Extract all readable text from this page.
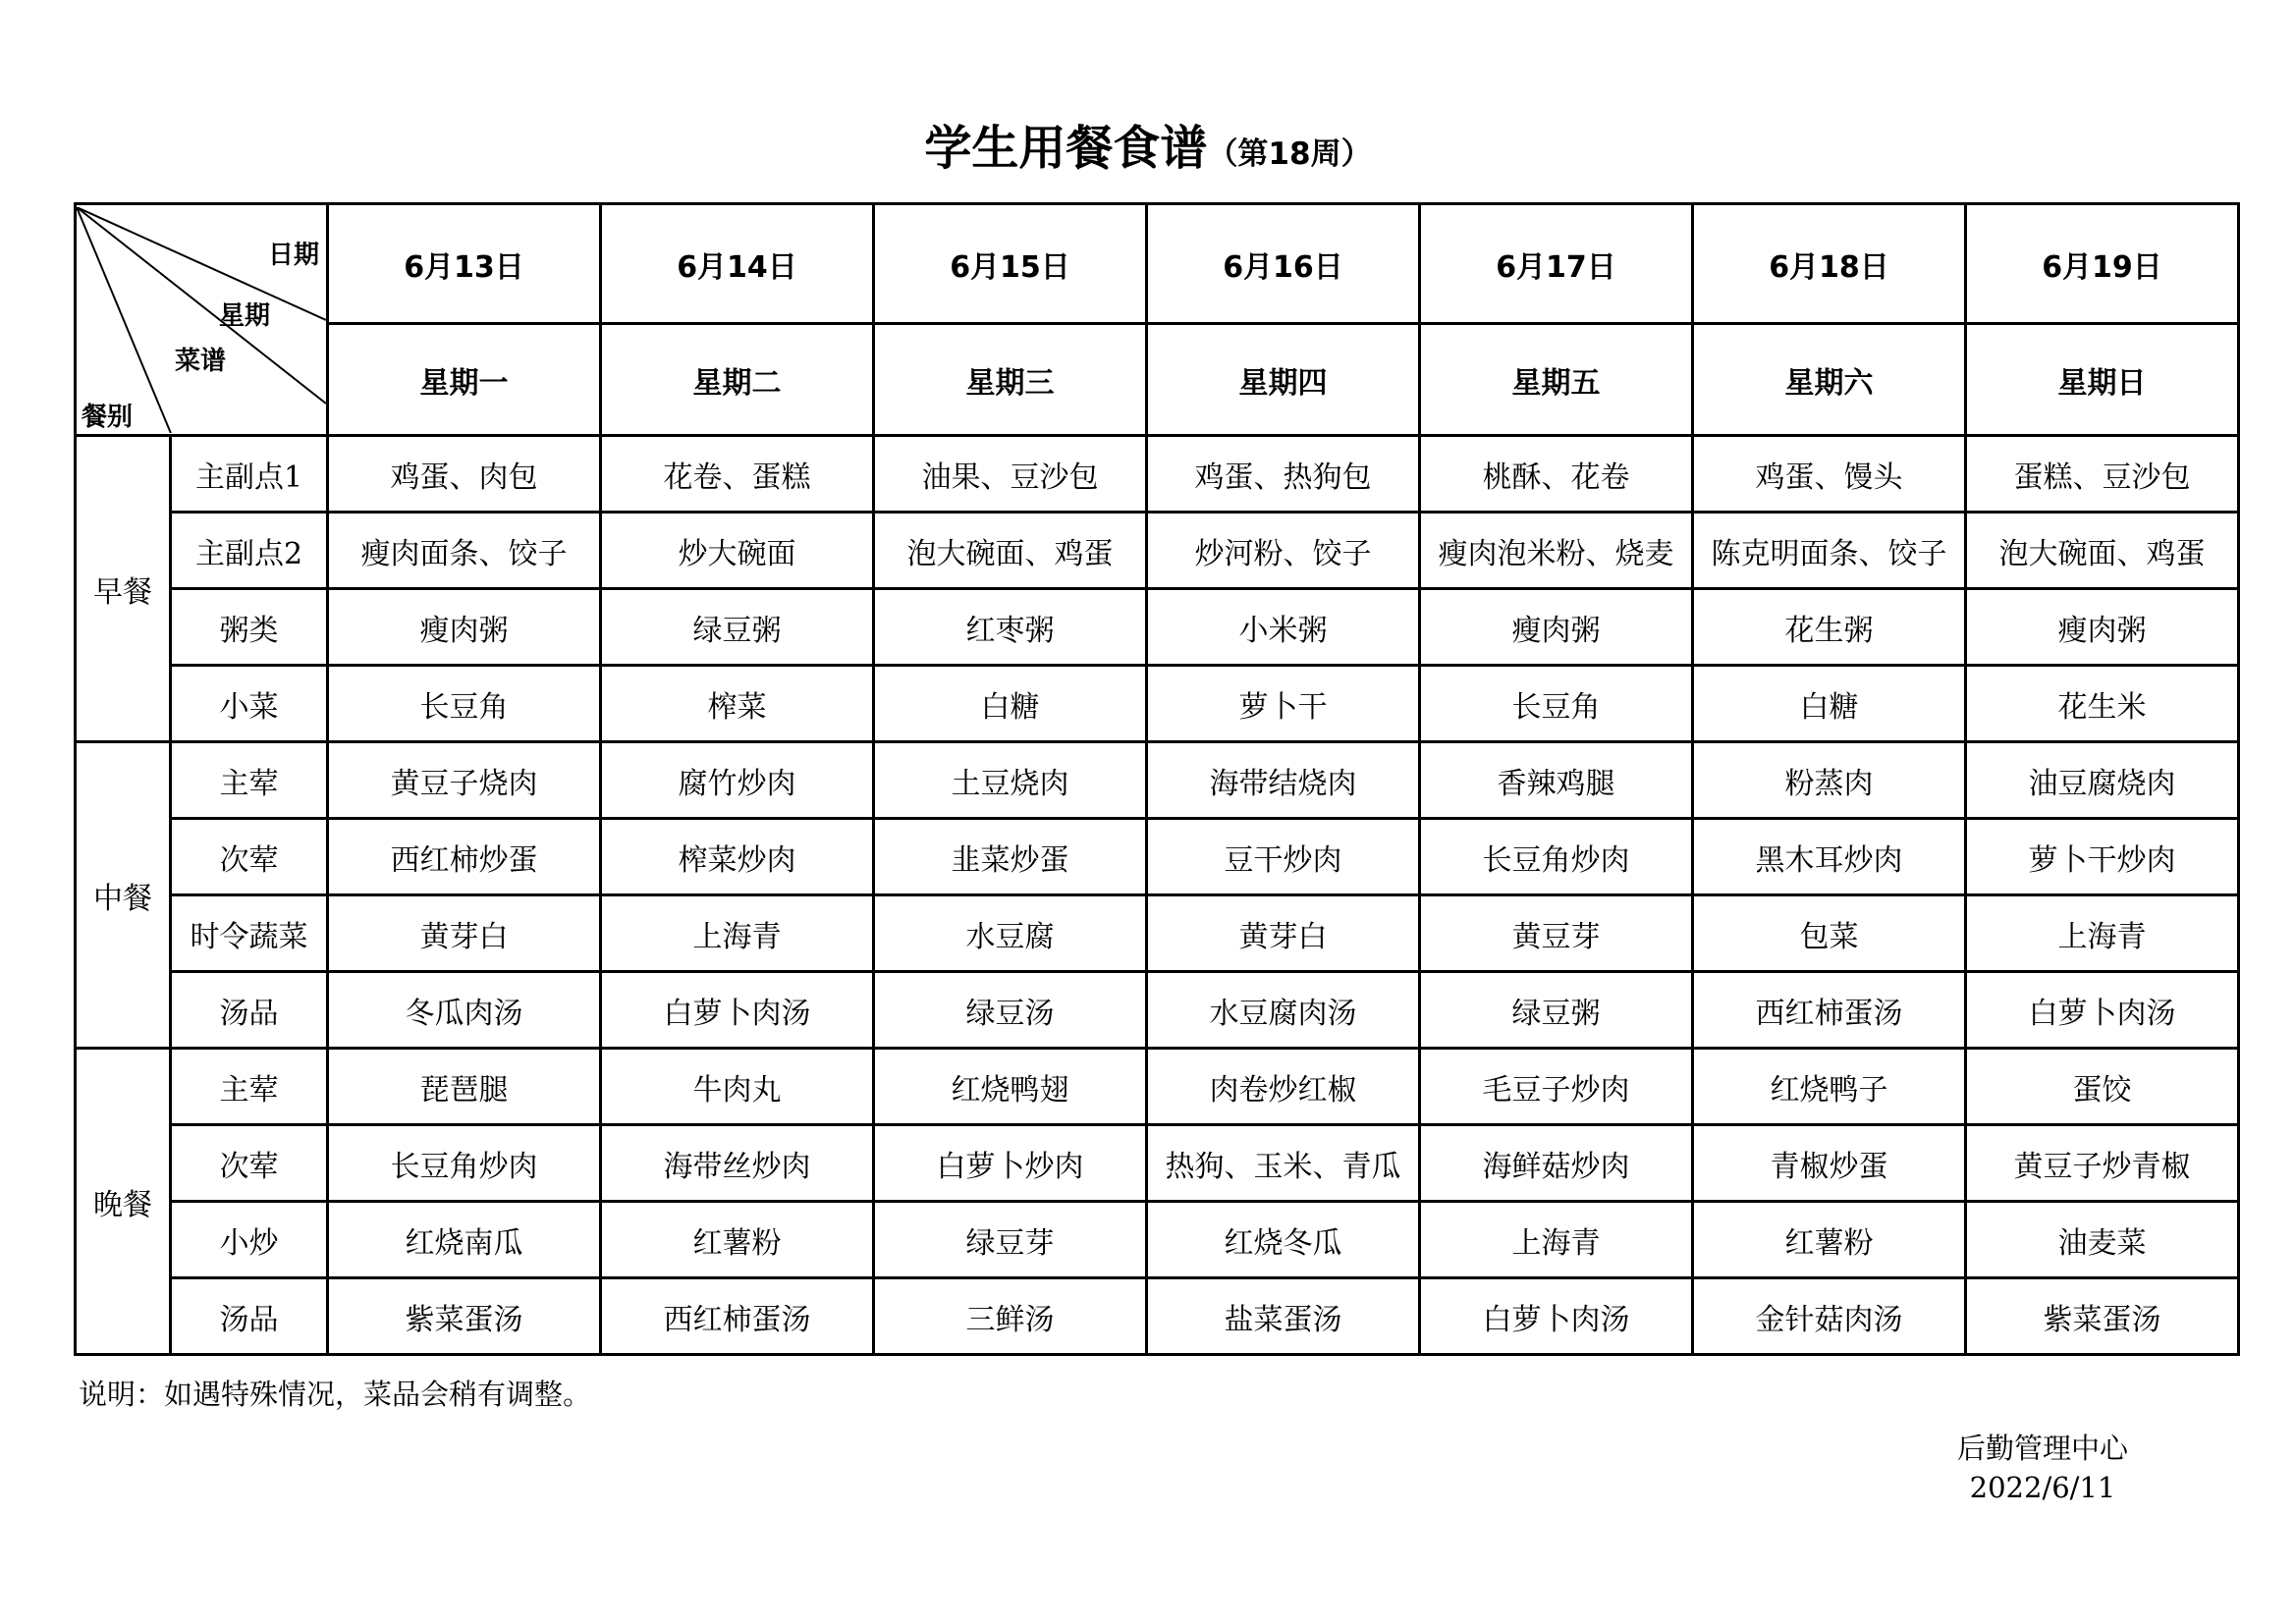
学生用餐食谱（第18周）
日期
星期
菜谱
餐别		6月13日	6月14日	6月15日	6月16日	6月17日	6月18日	6月19日
		星期一	星期二	星期三	星期四	星期五	星期六	星期日
早餐	主副点1	鸡蛋、肉包	花卷、蛋糕	油果、豆沙包	鸡蛋、热狗包	桃酥、花卷	鸡蛋、馒头	蛋糕、豆沙包
	主副点2	瘦肉面条、饺子	炒大碗面	泡大碗面、鸡蛋	炒河粉、饺子	瘦肉泡米粉、烧麦	陈克明面条、饺子	泡大碗面、鸡蛋
	粥类	瘦肉粥	绿豆粥	红枣粥	小米粥	瘦肉粥	花生粥	瘦肉粥
	小菜	长豆角	榨菜	白糖	萝卜干	长豆角	白糖	花生米
中餐	主荤	黄豆子烧肉	腐竹炒肉	土豆烧肉	海带结烧肉	香辣鸡腿	粉蒸肉	油豆腐烧肉
	次荤	西红柿炒蛋	榨菜炒肉	韭菜炒蛋	豆干炒肉	长豆角炒肉	黑木耳炒肉	萝卜干炒肉
	时令蔬菜	黄芽白	上海青	水豆腐	黄芽白	黄豆芽	包菜	上海青
	汤品	冬瓜肉汤	白萝卜肉汤	绿豆汤	水豆腐肉汤	绿豆粥	西红柿蛋汤	白萝卜肉汤
晚餐	主荤	琵琶腿	牛肉丸	红烧鸭翅	肉卷炒红椒	毛豆子炒肉	红烧鸭子	蛋饺
	次荤	长豆角炒肉	海带丝炒肉	白萝卜炒肉	热狗、玉米、青瓜	海鲜菇炒肉	青椒炒蛋	黄豆子炒青椒
	小炒	红烧南瓜	红薯粉	绿豆芽	红烧冬瓜	上海青	红薯粉	油麦菜
	汤品	紫菜蛋汤	西红柿蛋汤	三鲜汤	盐菜蛋汤	白萝卜肉汤	金针菇肉汤	紫菜蛋汤
说明：如遇特殊情况，菜品会稍有调整。
后勤管理中心
2022/6/11
